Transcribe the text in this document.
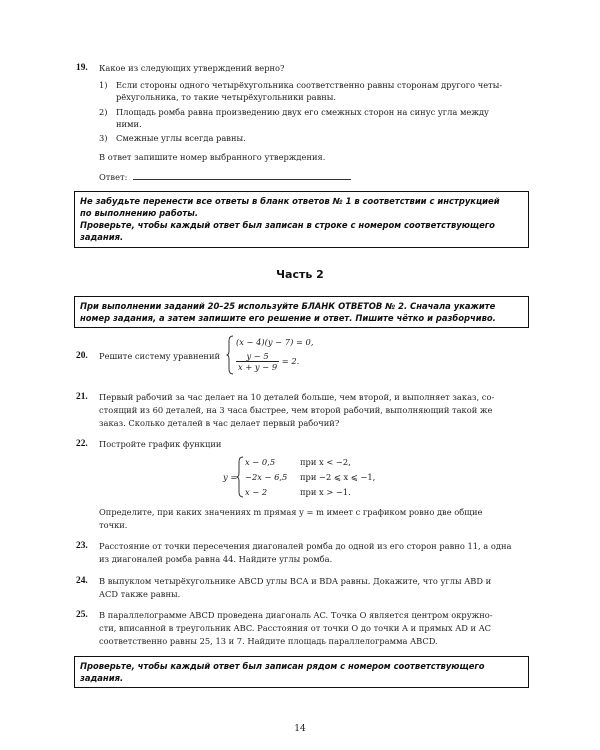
19. Какое из следующих утверждений верно?
1) Если стороны одного четырёхугольника соответственно равны сторонам другого четы-
рёхугольника, то такие четырёхугольники равны.
2) Площадь ромба равна произведению двух его смежных сторон на синус угла между
ними.
3) Смежные углы всегда равны.
В ответ запишите номер выбранного утверждения.
Ответ:

Не забудьте перенести все ответы в бланк ответов № 1 в соответствии с инструкцией

по выполнению работы.

Проверьте, чтобы каждый ответ был записан в строке с номером соответствующего

задания.

Часть 2

При выполнении заданий 20–25 используйте БЛАНК ОТВЕТОВ № 2. Сначала укажите

номер задания, а затем запишите его решение и ответ. Пишите чётко и разборчиво.

20. Решите систему уравнений
(x − 4)(y − 7) = 0,
$\frac{y - 5}{x + y - 9} = 2$.
21. Первый рабочий за час делает на 10 деталей больше, чем второй, и выполняет заказ, со-
стоящий из 60 деталей, на 3 часа быстрее, чем второй рабочий, выполняющий такой же
заказ. Сколько деталей в час делает первый рабочий?
22. Постройте график функции
y =
x − 0,5	при x < −2,
−2x − 6,5 при −2 ⩽ x ⩽ −1,
x − 2	при x > −1.
Определите, при каких значениях m прямая y = m имеет с графиком ровно две общие
точки.
23. Расстояние от точки пересечения диагоналей ромба до одной из его сторон равно 11, а одна
из диагоналей ромба равна 44. Найдите углы ромба.
24. В выпуклом четырёхугольнике ABCD углы BCA и BDA равны. Докажите, что углы ABD и
ACD также равны.
25. В параллелограмме ABCD проведена диагональ AC. Точка O является центром окружно-
сти, вписанной в треугольник ABC. Расстояния от точки O до точки A и прямых AD и AC
соответственно равны 25, 13 и 7. Найдите площадь параллелограмма ABCD.

Проверьте, чтобы каждый ответ был записан рядом с номером соответствующего

задания.

14
